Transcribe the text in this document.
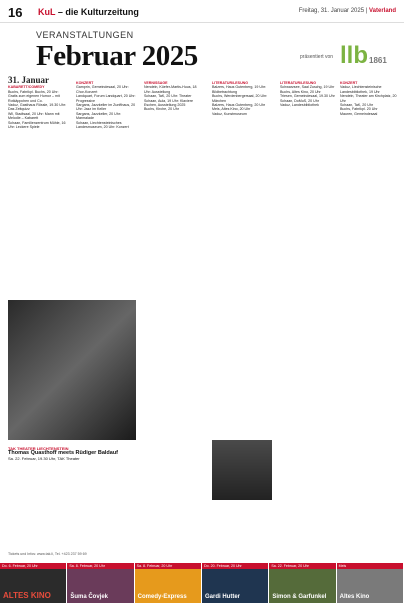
16 KuL – die Kulturzeitung	Freitag, 31. Januar 2025 | Vaterland
VERANSTALTUNGEN
Februar 2025	präsentiert von llb1861
31. Januar
KABARETT/COMEDY
Buchs, Fabrikpl. Buchs, 20 Uhr: Gratis zum eigenen Humor – mit Rotkäppchen und Co.
Vaduz, Gasthaus Rössle, 19.30 Uhr: Das Zeitquizz
Wil, Stadtsaal, 20 Uhr: Mann mit Melodie – Kabarett
Schaan, Familienzentrum Mühle, 16 Uhr: Leckere Spiele
KONZERT
Gamprin, Gemeindesaal, 20 Uhr: Chor-Konzert
Landquart, Forum Landquart, 20 Uhr: Progressive
Sargans, Jazzkeller im Zunfthaus, 20 Uhr: Jazz im Keller
Sargans, Jazzkeller, 20 Uhr: Marmalade
Schaan, Liechtensteinisches Landesmuseum, 20 Uhr: Konzert
VERNISSAGE
Nendeln, Küefer-Martis-Huus, 18 Uhr: Ausstellung
Schaan, TaK, 20 Uhr: Theater
Schaan, Aula, 19 Uhr: Klaviere
Eschen, Ausstellung 2025
Buchs, Kirche, 20 Uhr
LITERATUR/LESUNG
Balzers, Haus Gutenberg, 19 Uhr: Bildbetrachtung
Buchs, Werdenbergersaal, 20 Uhr: Märchen
Balzers, Haus Gutenberg, 20 Uhr
Mels, Altes Kino, 20 Uhr
Vaduz, Kunstmuseum
LITERATUR/LESUNG
Schwarzsee, Saal Zuschg, 19 Uhr
Buchs, Altes Kino, 20 Uhr
Triesen, Gemeindesaal, 19.30 Uhr
Schaan, DoMuS, 20 Uhr
Vaduz, Landesbibliothek
KONZERT
Vaduz, Liechtensteinische Landesbibliothek, 19 Uhr
Nendeln, Theater am Kirchplatz, 20 Uhr
Schaan, TaK, 20 Uhr
Buchs, Fabrikpl. 20 Uhr
Mauren, Gemeindesaal
TAK THEATER LIECHTENSTEIN
Thomas Quasthoff meets Rüdiger Baldauf
Sa. 22. Februar, 19.30 Uhr, TAK Theater
Tickets und Infos: www.tak.li, Tel. +423 237 59 69
Do. 6. Februar, 20 Uhr
ALTES KINO
Sa. 8. Februar, 20 Uhr
Šuma Čovjek
Sa. 8. Februar, 20 Uhr
Comedy-Express
Do. 20. Februar, 20 Uhr
Gardi Hutter
Sa. 22. Februar, 20 Uhr
Simon & Garfunkel
Mels
Altes Kino
